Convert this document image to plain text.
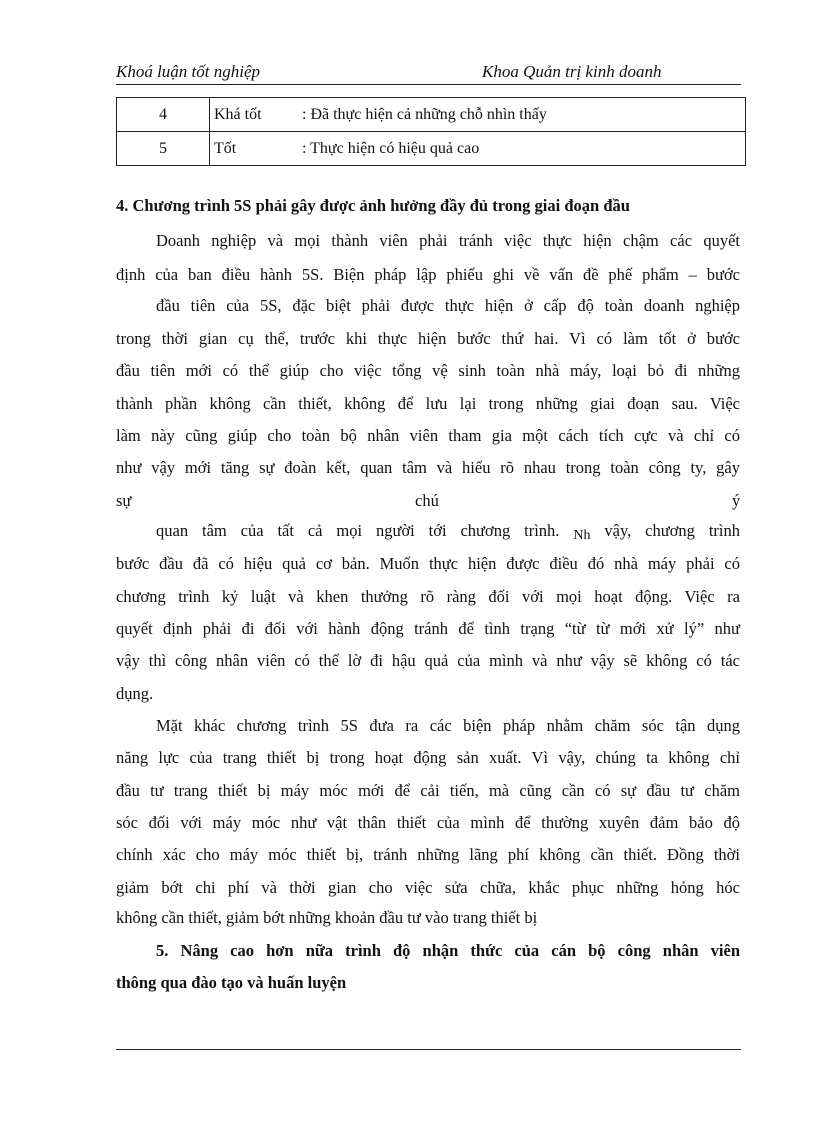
Khoá luận tốt nghiệp	Khoa Quản trị kinh doanh
4	Khá tốt : Đã thực hiện cả những chỗ nhìn thấy
5	Tốt : Thực hiện có hiệu quả cao
4. Chương trình 5S phải gây được ảnh hưởng đầy đủ trong giai đoạn đầu
Doanh nghiệp và mọi thành viên phải tránh việc thực hiện chậm các quyết
định của ban điều hành 5S. Biện pháp lập phiếu ghi về vấn đề phế phẩm – bước
đầu tiên của 5S, đặc biệt phải được thực hiện ở cấp độ toàn doanh nghiệp
trong thời gian cụ thể, trước khi thực hiện bước thứ hai. Vì có làm tốt ở bước
đầu tiên mới có thể giúp cho việc tổng vệ sinh toàn nhà máy, loại bỏ đi những
thành phần không cần thiết, không để lưu lại trong những giai đoạn sau. Việc
làm này cũng giúp cho toàn bộ nhân viên tham gia một cách tích cực và chỉ có
như vậy mới tăng sự đoàn kết, quan tâm và hiểu rõ nhau trong toàn công ty, gây
sự	chú	ý
quan tâm của tất cả mọi người tới chương trình. Nh vậy, chương trình
bước đầu đã có hiệu quả cơ bản. Muốn thực hiện được điều đó nhà máy phải có
chương trình kỷ luật và khen thưởng rõ ràng đối với mọi hoạt động. Việc ra
quyết định phải đi đối với hành động tránh để tình trạng “từ từ mới xử lý” như
vậy thì công nhân viên có thể lờ đi hậu quả của mình và như vậy sẽ không có tác
dụng.
Mặt khác chương trình 5S đưa ra các biện pháp nhằm chăm sóc tận dụng
năng lực của trang thiết bị trong hoạt động sản xuất. Vì vậy, chúng ta không chỉ
đầu tư trang thiết bị máy móc mới để cải tiến, mà cũng cần có sự đầu tư chăm
sóc đối với máy móc như vật thân thiết của mình để thường xuyên đảm bảo độ
chính xác cho máy móc thiết bị, tránh những lãng phí không cần thiết. Đồng thời
giảm bớt chi phí và thời gian cho việc sửa chữa, khắc phục những hỏng hóc
không cần thiết, giảm bớt những khoản đầu tư vào trang thiết bị
5. Nâng cao hơn nữa trình độ nhận thức của cán bộ công nhân viên
thông qua đào tạo và huấn luyện
